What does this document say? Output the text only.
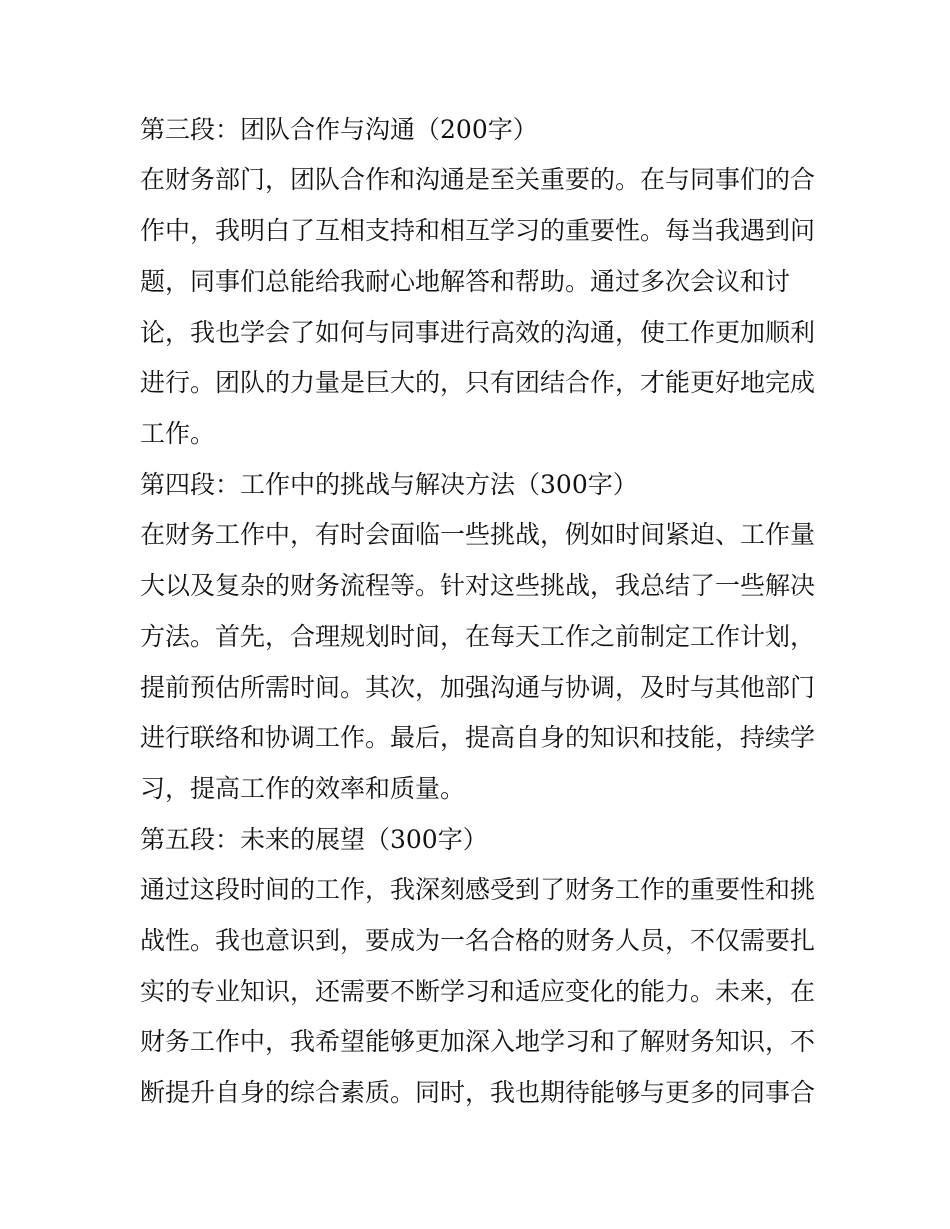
第三段：团队合作与沟通（200字）
在财务部门，团队合作和沟通是至关重要的。在与同事们的合
作中，我明白了互相支持和相互学习的重要性。每当我遇到问
题，同事们总能给我耐心地解答和帮助。通过多次会议和讨
论，我也学会了如何与同事进行高效的沟通，使工作更加顺利
进行。团队的力量是巨大的，只有团结合作，才能更好地完成
工作。
第四段：工作中的挑战与解决方法（300字）
在财务工作中，有时会面临一些挑战，例如时间紧迫、工作量
大以及复杂的财务流程等。针对这些挑战，我总结了一些解决
方法。首先，合理规划时间，在每天工作之前制定工作计划，
提前预估所需时间。其次，加强沟通与协调，及时与其他部门
进行联络和协调工作。最后，提高自身的知识和技能，持续学
习，提高工作的效率和质量。
第五段：未来的展望（300字）
通过这段时间的工作，我深刻感受到了财务工作的重要性和挑
战性。我也意识到，要成为一名合格的财务人员，不仅需要扎
实的专业知识，还需要不断学习和适应变化的能力。未来，在
财务工作中，我希望能够更加深入地学习和了解财务知识，不
断提升自身的综合素质。同时，我也期待能够与更多的同事合
